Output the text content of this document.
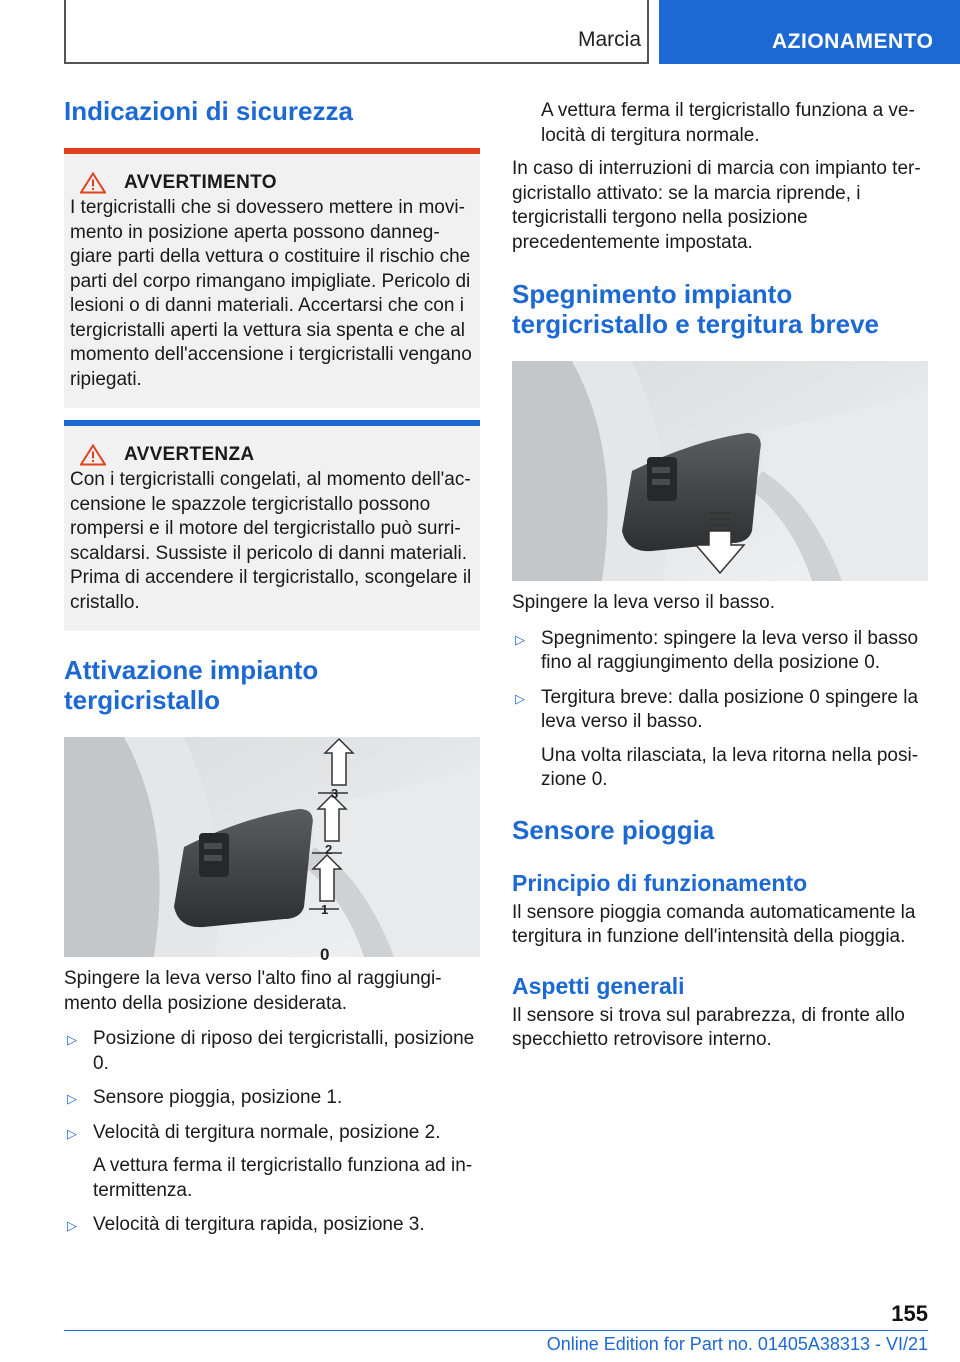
Marcia	AZIONAMENTO
Indicazioni di sicurezza
AVVERTIMENTO

I tergicristalli che si dovessero mettere in movimento in posizione aperta possono danneggiare parti della vettura o costituire il rischio che parti del corpo rimangano impigliate. Pericolo di lesioni o di danni materiali. Accertarsi che con i tergicristalli aperti la vettura sia spenta e che al momento dell'accensione i tergicristalli vengano ripiegati.

AVVERTENZA

Con i tergicristalli congelati, al momento dell'accensione le spazzole tergicristallo possono rompersi e il motore del tergicristallo può surriscaldarsi. Sussiste il pericolo di danni materiali. Prima di accendere il tergicristallo, scongelare il cristallo.

Attivazione impianto tergicristallo
3
2
1
0

Spingere la leva verso l'alto fino al raggiungimento della posizione desiderata.

▷ Posizione di riposo dei tergicristalli, posizione 0.

▷ Sensore pioggia, posizione 1.

▷ Velocità di tergitura normale, posizione 2.

A vettura ferma il tergicristallo funziona ad intermittenza.

▷ Velocità di tergitura rapida, posizione 3.

A vettura ferma il tergicristallo funziona a velocità di tergitura normale.

In caso di interruzioni di marcia con impianto tergicristallo attivato: se la marcia riprende, i tergicristalli tergono nella posizione precedentemente impostata.

Spegnimento impianto tergicristallo e tergitura breve

Spingere la leva verso il basso.

▷ Spegnimento: spingere la leva verso il basso fino al raggiungimento della posizione 0.

▷ Tergitura breve: dalla posizione 0 spingere la leva verso il basso.

Una volta rilasciata, la leva ritorna nella posizione 0.

Sensore pioggia
Principio di funzionamento

Il sensore pioggia comanda automaticamente la tergitura in funzione dell'intensità della pioggia.

Aspetti generali

Il sensore si trova sul parabrezza, di fronte allo specchietto retrovisore interno.

155
Online Edition for Part no. 01405A38313 - VI/21
